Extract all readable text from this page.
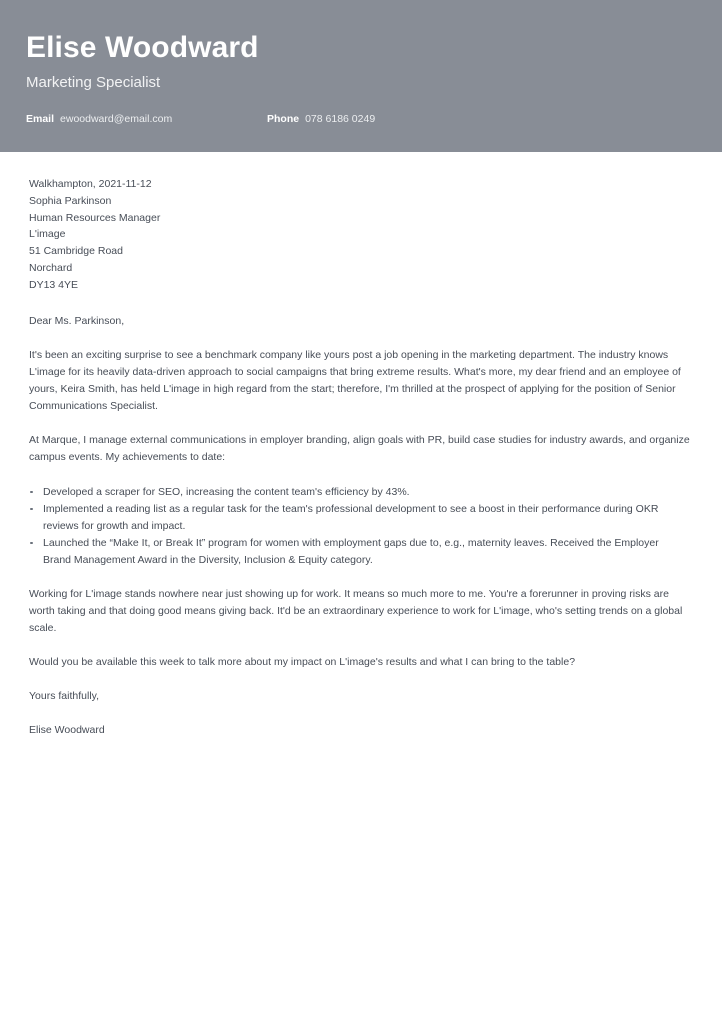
Elise Woodward
Marketing Specialist
Email ewoodward@email.com	Phone 078 6186 0249
Walkhampton, 2021-11-12
Sophia Parkinson
Human Resources Manager
L'image
51 Cambridge Road
Norchard
DY13 4YE

Dear Ms. Parkinson,

It's been an exciting surprise to see a benchmark company like yours post a job opening in the marketing department. The industry knows L'image for its heavily data-driven approach to social campaigns that bring extreme results. What's more, my dear friend and an employee of yours, Keira Smith, has held L'image in high regard from the start; therefore, I'm thrilled at the prospect of applying for the position of Senior Communications Specialist.

At Marque, I manage external communications in employer branding, align goals with PR, build case studies for industry awards, and organize campus events. My achievements to date:

Developed a scraper for SEO, increasing the content team's efficiency by 43%.
Implemented a reading list as a regular task for the team's professional development to see a boost in their performance during OKR reviews for growth and impact.
Launched the “Make It, or Break It” program for women with employment gaps due to, e.g., maternity leaves. Received the Employer Brand Management Award in the Diversity, Inclusion & Equity category.

Working for L'image stands nowhere near just showing up for work. It means so much more to me. You're a forerunner in proving risks are worth taking and that doing good means giving back. It'd be an extraordinary experience to work for L'image, who's setting trends on a global scale.

Would you be available this week to talk more about my impact on L'image's results and what I can bring to the table?

Yours faithfully,

Elise Woodward
